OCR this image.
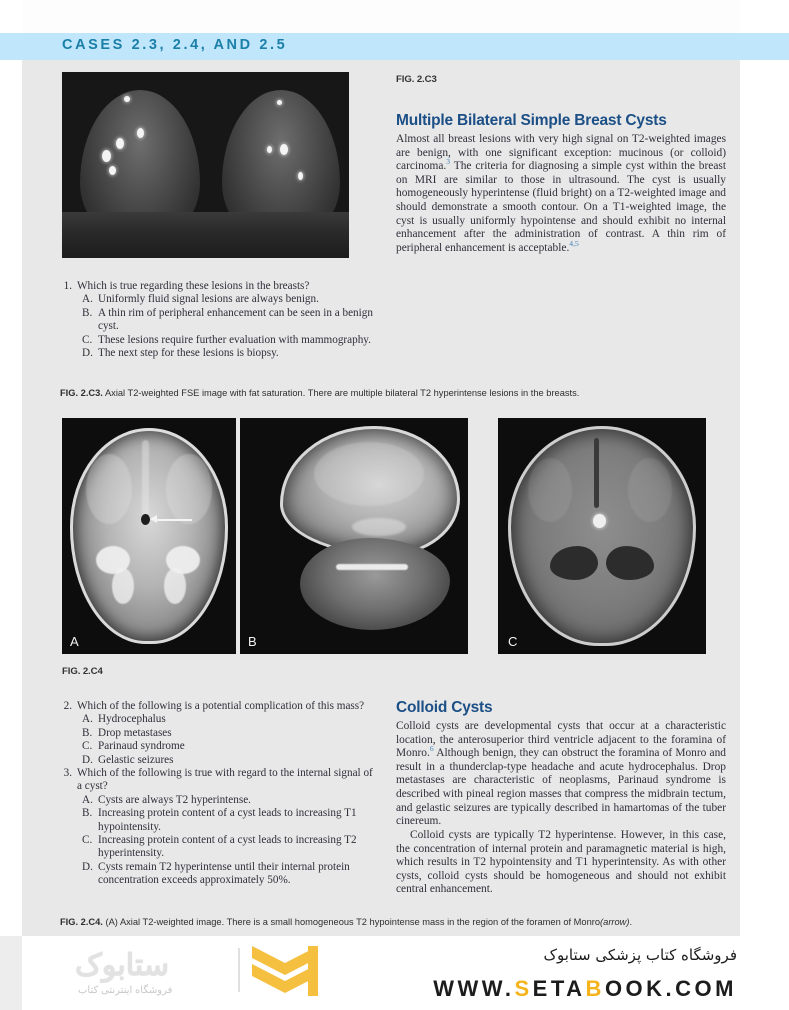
CASES 2.3, 2.4, AND 2.5
FIG. 2.C3
Multiple Bilateral Simple Breast Cysts
Almost all breast lesions with very high signal on T2-weighted images are benign, with one significant exception: mucinous (or colloid) carcinoma.$^3$ The criteria for diagnosing a simple cyst within the breast on MRI are similar to those in ultrasound. The cyst is usually homogeneously hyperintense (fluid bright) on a T2-weighted image and should demonstrate a smooth contour. On a T1-weighted image, the cyst is usually uniformly hypointense and should exhibit no internal enhancement after the administration of contrast. A thin rim of peripheral enhancement is acceptable.$^{4,5}$
1. Which is true regarding these lesions in the breasts?
A. Uniformly fluid signal lesions are always benign.
B. A thin rim of peripheral enhancement can be seen in a benign cyst.
C. These lesions require further evaluation with mammography.
D. The next step for these lesions is biopsy.
FIG. 2.C3. Axial T2-weighted FSE image with fat saturation. There are multiple bilateral T2 hyperintense lesions in the breasts.
A	B	C
FIG. 2.C4
2. Which of the following is a potential complication of this mass?
A. Hydrocephalus
B. Drop metastases
C. Parinaud syndrome
D. Gelastic seizures
3. Which of the following is true with regard to the internal signal of a cyst?
A. Cysts are always T2 hyperintense.
B. Increasing protein content of a cyst leads to increasing T1 hypointensity.
C. Increasing protein content of a cyst leads to increasing T2 hyperintensity.
D. Cysts remain T2 hyperintense until their internal protein concentration exceeds approximately 50%.
Colloid Cysts
Colloid cysts are developmental cysts that occur at a characteristic location, the anterosuperior third ventricle adjacent to the foramina of Monro.$^6$ Although benign, they can obstruct the foramina of Monro and result in a thunderclap-type headache and acute hydrocephalus. Drop metastases are characteristic of neoplasms, Parinaud syndrome is described with pineal region masses that compress the midbrain tectum, and gelastic seizures are typically described in hamartomas of the tuber cinereum.
Colloid cysts are typically T2 hyperintense. However, in this case, the concentration of internal protein and paramagnetic material is high, which results in T2 hypointensity and T1 hyperintensity. As with other cysts, colloid cysts should be homogeneous and should not exhibit central enhancement.
FIG. 2.C4. (A) Axial T2-weighted image. There is a small homogeneous T2 hypointense mass in the region of the foramen of Monro(arrow).
ستابوک
فروشگاه اینترنتی کتاب
فروشگاه کتاب پزشکی ستابوک
WWW.SETABOOK.COM
